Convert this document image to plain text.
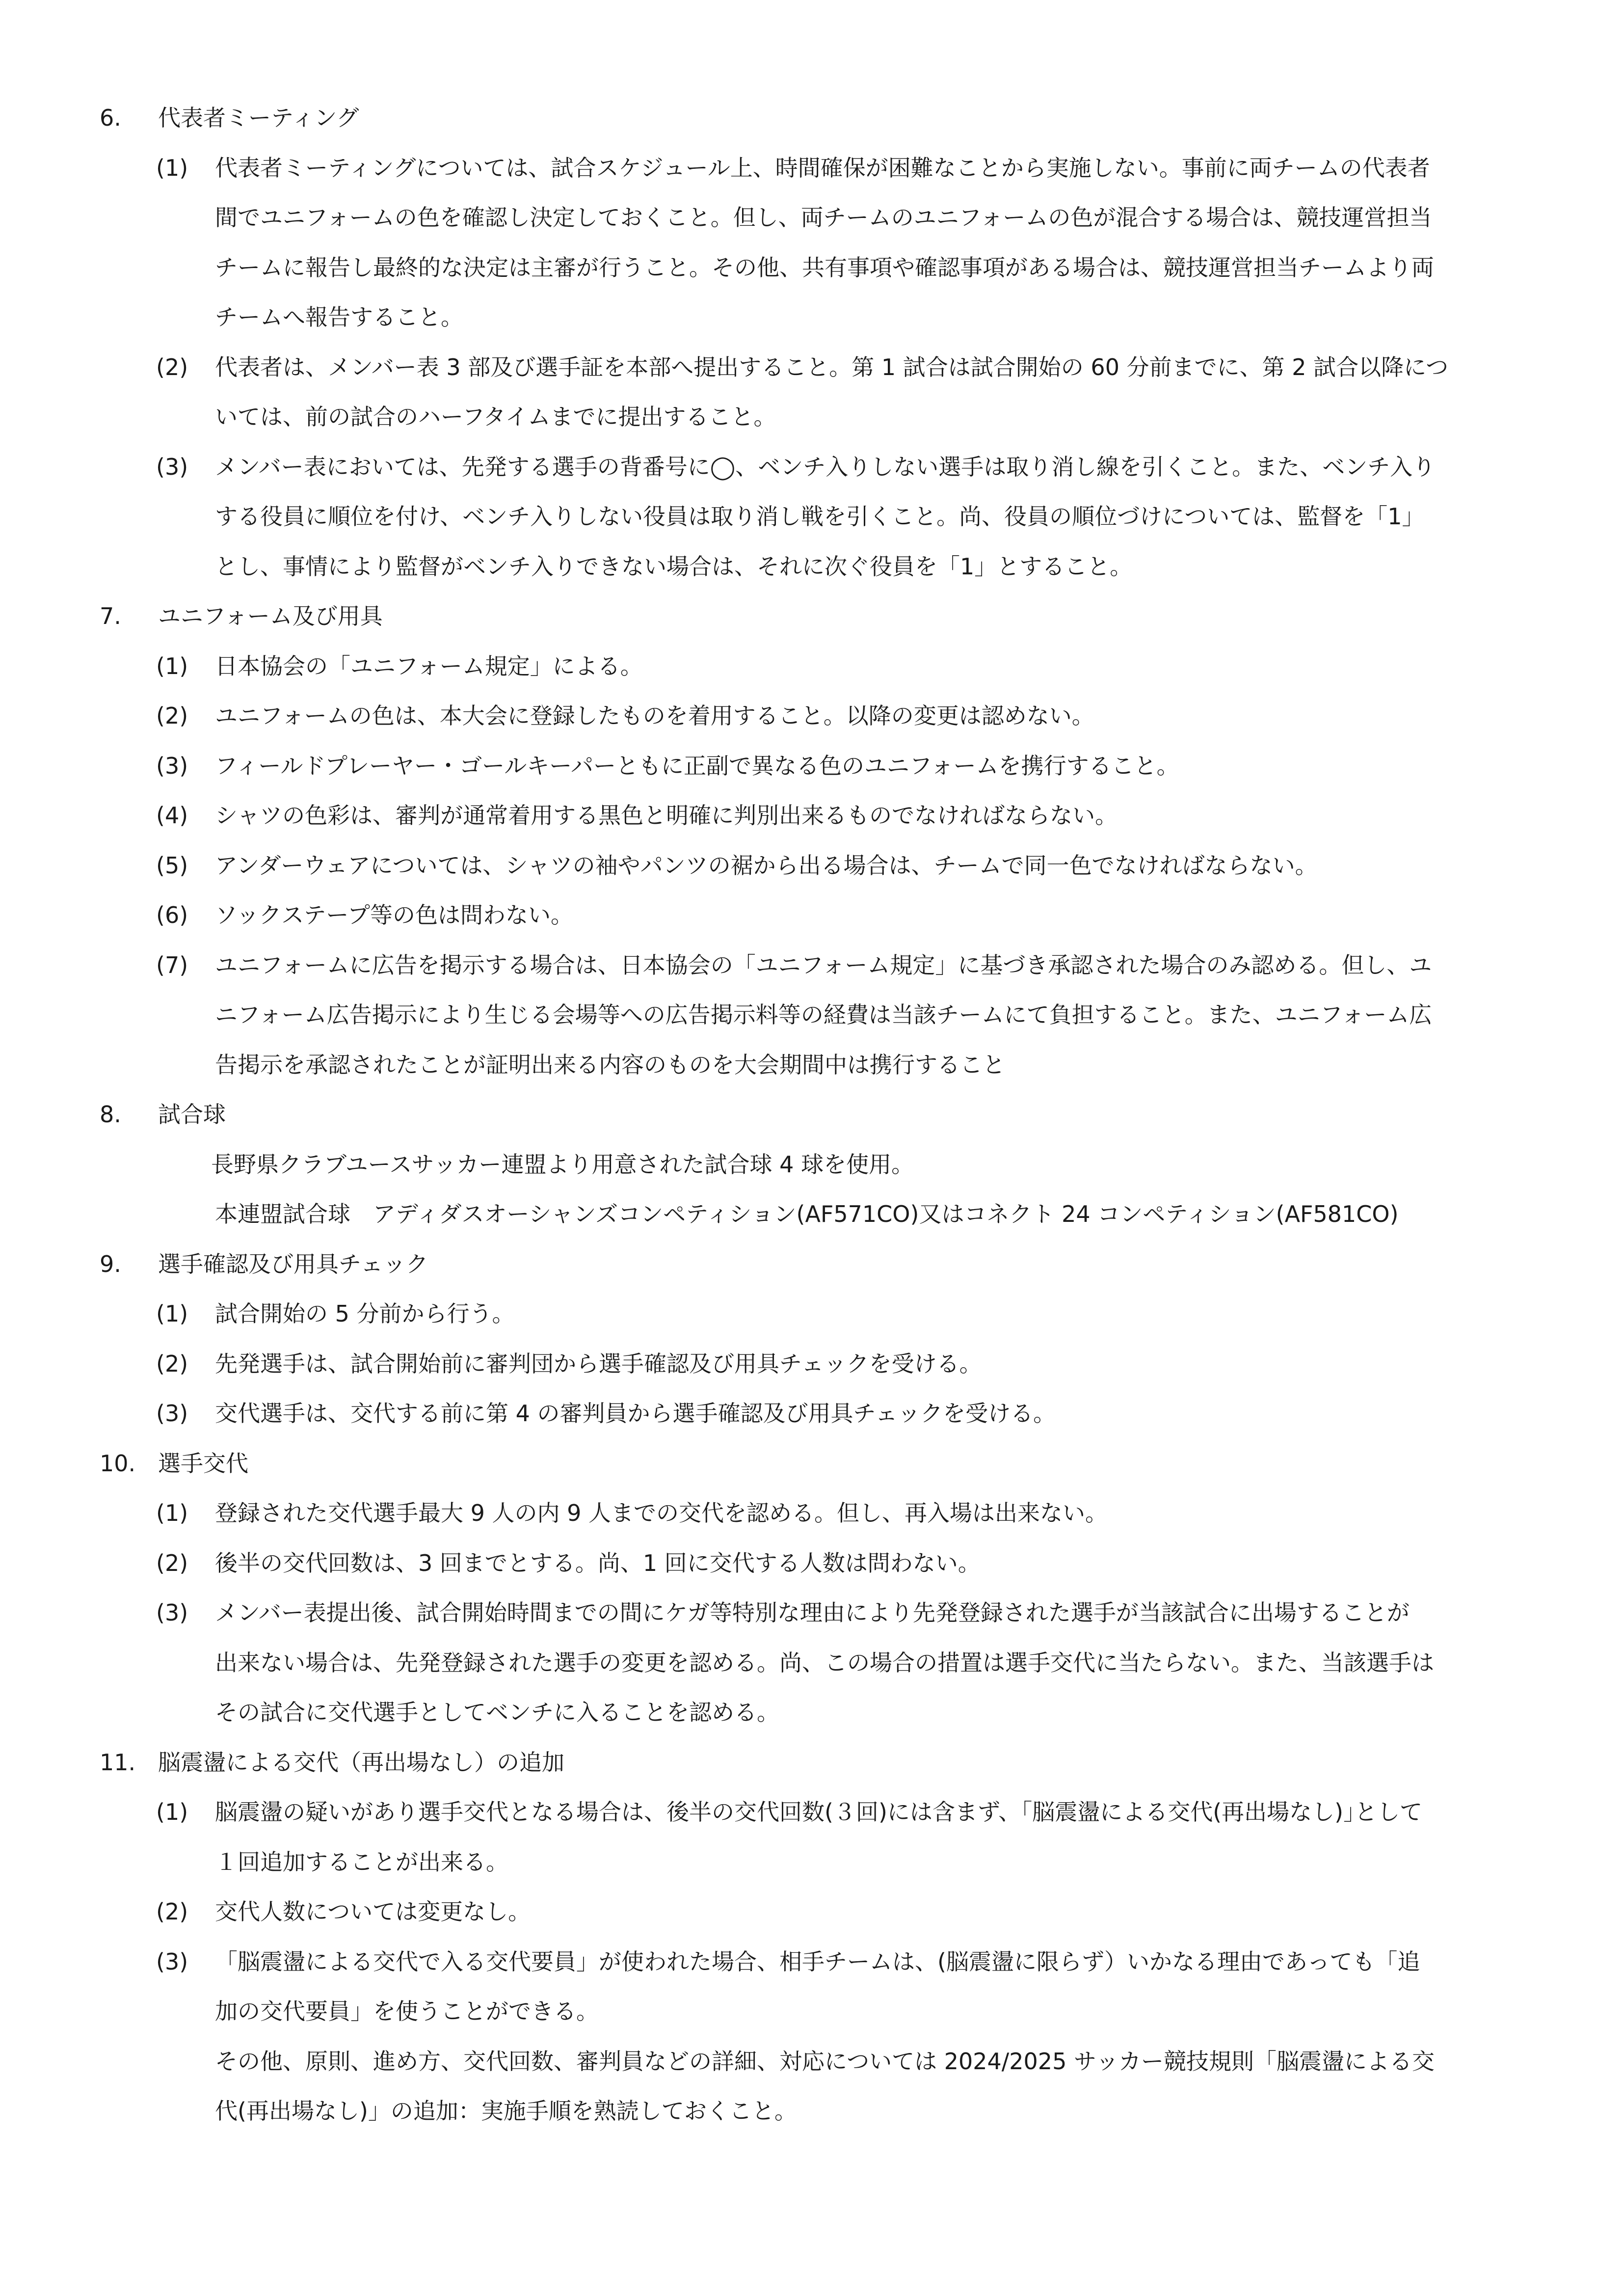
6. 代表者ミーティング
(1) 代表者ミーティングについては、試合スケジュール上、時間確保が困難なことから実施しない。事前に両チームの代表者
間でユニフォームの色を確認し決定しておくこと。但し、両チームのユニフォームの色が混合する場合は、競技運営担当
チームに報告し最終的な決定は主審が行うこと。その他、共有事項や確認事項がある場合は、競技運営担当チームより両
チームへ報告すること。
(2) 代表者は、メンバー表 3 部及び選手証を本部へ提出すること。第 1 試合は試合開始の 60 分前までに、第 2 試合以降につ
いては、前の試合のハーフタイムまでに提出すること。
(3) メンバー表においては、先発する選手の背番号に◯、ベンチ入りしない選手は取り消し線を引くこと。また、ベンチ入り
する役員に順位を付け、ベンチ入りしない役員は取り消し戦を引くこと。尚、役員の順位づけについては、監督を「1」
とし、事情により監督がベンチ入りできない場合は、それに次ぐ役員を「1」とすること。
7. ユニフォーム及び用具
(1) 日本協会の「ユニフォーム規定」による。
(2) ユニフォームの色は、本大会に登録したものを着用すること。以降の変更は認めない。
(3) フィールドプレーヤー・ゴールキーパーともに正副で異なる色のユニフォームを携行すること。
(4) シャツの色彩は、審判が通常着用する黒色と明確に判別出来るものでなければならない。
(5) アンダーウェアについては、シャツの袖やパンツの裾から出る場合は、チームで同一色でなければならない。
(6) ソックステープ等の色は問わない。
(7) ユニフォームに広告を掲示する場合は、日本協会の「ユニフォーム規定」に基づき承認された場合のみ認める。但し、ユ
ニフォーム広告掲示により生じる会場等への広告掲示料等の経費は当該チームにて負担すること。また、ユニフォーム広
告掲示を承認されたことが証明出来る内容のものを大会期間中は携行すること
8. 試合球
長野県クラブユースサッカー連盟より用意された試合球 4 球を使用。
本連盟試合球　アディダスオーシャンズコンペティション(AF571CO)又はコネクト 24 コンペティション(AF581CO)
9. 選手確認及び用具チェック
(1) 試合開始の 5 分前から行う。
(2) 先発選手は、試合開始前に審判団から選手確認及び用具チェックを受ける。
(3) 交代選手は、交代する前に第 4 の審判員から選手確認及び用具チェックを受ける。
10. 選手交代
(1) 登録された交代選手最大 9 人の内 9 人までの交代を認める。但し、再入場は出来ない。
(2) 後半の交代回数は、3 回までとする。尚、1 回に交代する人数は問わない。
(3) メンバー表提出後、試合開始時間までの間にケガ等特別な理由により先発登録された選手が当該試合に出場することが
出来ない場合は、先発登録された選手の変更を認める。尚、この場合の措置は選手交代に当たらない。また、当該選手は
その試合に交代選手としてベンチに入ることを認める。
11. 脳震盪による交代（再出場なし）の追加
(1) 脳震盪の疑いがあり選手交代となる場合は、後半の交代回数(３回)には含まず、｢脳震盪による交代(再出場なし)｣として
１回追加することが出来る。
(2) 交代人数については変更なし。
(3) 「脳震盪による交代で入る交代要員」が使われた場合、相手チームは、(脳震盪に限らず）いかなる理由であっても「追
加の交代要員」を使うことができる。
その他、原則、進め方、交代回数、審判員などの詳細、対応については 2024/2025 サッカー競技規則「脳震盪による交
代(再出場なし)」の追加：実施手順を熟読しておくこと。
